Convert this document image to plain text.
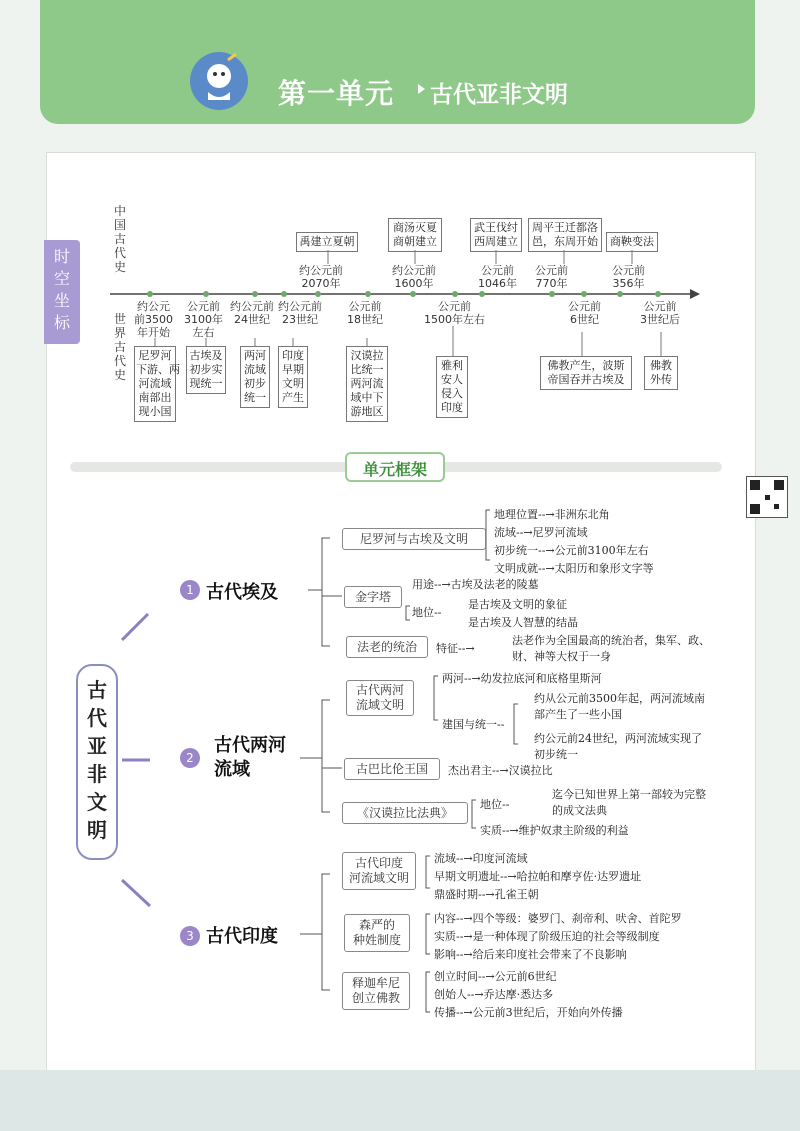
第一单元 古代亚非文明
时空坐标
中国古代史
世界古代史
禹建立夏朝
约公元前
2070年
商汤灭夏
商朝建立
约公元前
1600年
武王伐纣
西周建立
公元前
1046年
周平王迁都洛
邑，东周开始
公元前
770年
商鞅变法
公元前
356年
约公元
前3500
年开始
尼罗河
下游、两
河流域
南部出
现小国
公元前
3100年
左右
古埃及
初步实
现统一
约公元前
24世纪
两河
流域
初步
统一
约公元前
23世纪
印度
早期
文明
产生
公元前
18世纪
汉谟拉
比统一
两河流
域中下
游地区
公元前
1500年左右
雅利
安人
侵入
印度
公元前
6世纪
佛教产生，波斯
帝国吞并古埃及
公元前
3世纪后
佛教
外传
单元框架
古代亚非文明
1 古代埃及
尼罗河与古埃及文明
地理位置--→非洲东北角
流域--→尼罗河流域
初步统一--→公元前3100年左右
文明成就--→太阳历和象形文字等
金字塔
用途--→古埃及法老的陵墓
地位--
是古埃及文明的象征
是古埃及人智慧的结晶
法老的统治	特征--→
法老作为全国最高的统治者，集军、政、
财、神等大权于一身
2
古代两河流域
古代两河
流域文明
两河--→幼发拉底河和底格里斯河
建国与统一--
约从公元前3500年起，两河流域南
部产生了一些小国
约公元前24世纪，两河流域实现了
初步统一
古巴比伦王国	杰出君主--→汉谟拉比
《汉谟拉比法典》
地位--
迄今已知世界上第一部较为完整
的成文法典
实质--→维护奴隶主阶级的利益
3 古代印度
古代印度
河流域文明
流域--→印度河流域
早期文明遗址--→哈拉帕和摩亨佐·达罗遗址
鼎盛时期--→孔雀王朝
森严的
种姓制度
内容--→四个等级：婆罗门、刹帝利、吠舍、首陀罗
实质--→是一种体现了阶级压迫的社会等级制度
影响--→给后来印度社会带来了不良影响
释迦牟尼
创立佛教
创立时间--→公元前6世纪
创始人--→乔达摩·悉达多
传播--→公元前3世纪后，开始向外传播
